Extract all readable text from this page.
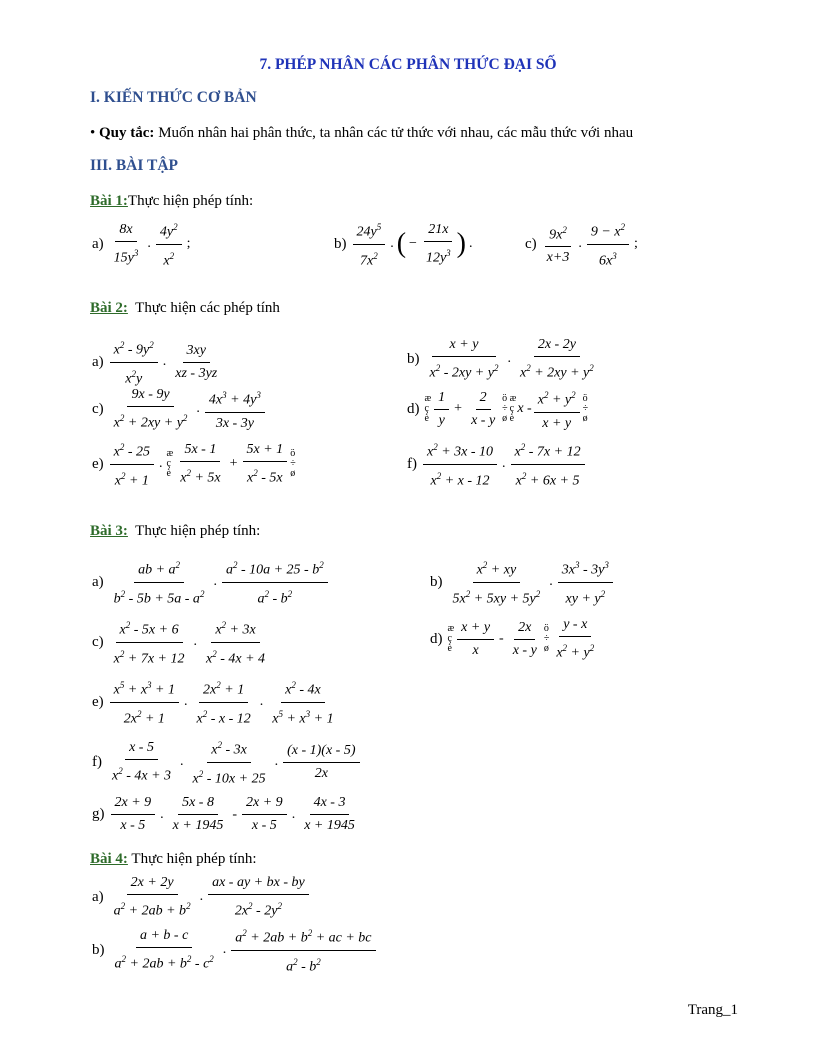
7. PHÉP NHÂN CÁC PHÂN THỨC ĐẠI SỐ
I. KIẾN THỨC CƠ BẢN
• Quy tắc: Muốn nhân hai phân thức, ta nhân các tử thức với nhau, các mẫu thức với nhau
III. BÀI TẬP
Bài 1:Thực hiện phép tính:
$a) \frac{8x}{15y^3}$ . $\frac{4y^2}{x^2}$ ;	$b) \frac{24y^5}{7x^2}$ . ( − $\frac{21x}{12y^3}$ ) .	$c) \frac{9x^2}{x+3}$ . $\frac{9 - x^2}{6x^3}$ ;
Bài 2: Thực hiện các phép tính
$a) \frac{x^2 - 9y^2}{x^2y}$ . $\frac{3xy}{xz - 3yz}$	$b) \frac{x + y}{x^2 - 2xy + y^2}$ . $\frac{2x - 2y}{x^2 + 2xy + y^2}$
$c) \frac{9x - 9y}{x^2 + 2xy + y^2}$ . $\frac{4x^3 + 4y^3}{3x - 3y}$	d)
æ
ç
è $\frac{1}{y} + \frac{2}{x - y}$ ö
÷
ø
æ
ç
è
x - $\frac{x^2 + y^2}{x + y}$ ö
÷
ø
$e) \frac{x^2 - 25}{x^2 + 1}$ .
æ
ç
è $\frac{5x - 1}{x^2 + 5x} + \frac{5x + 1}{x^2 - 5x}$ ö
÷
ø
$f) \frac{x^2 + 3x - 10}{x^2 + x - 12}$ . $\frac{x^2 - 7x + 12}{x^2 + 6x + 5}$
Bài 3: Thực hiện phép tính:
$a) \frac{ab + a^2}{b^2 - 5b + 5a - a^2}$ . $\frac{a^2 - 10a + 25 - b^2}{a^2 - b^2}$	$b) \frac{x^2 + xy}{5x^2 + 5xy + 5y^2}$ . $\frac{3x^3 - 3y^3}{xy + y^2}$
$c) \frac{x^2 - 5x + 6}{x^2 + 7x + 12}$ . $\frac{x^2 + 3x}{x^2 - 4x + 4}$	d)
æ
ç
è $\frac{x + y}{x} - \frac{2x}{x - y}$ ö
÷
ø $\frac{y - x}{x^2 + y^2}$
$e) \frac{x^5 + x^3 + 1}{2x^2 + 1}$ . $\frac{2x^2 + 1}{x^2 - x - 12}$ . $\frac{x^2 - 4x}{x^5 + x^3 + 1}$
$f) \frac{x - 5}{x^2 - 4x + 3}$ . $\frac{x^2 - 3x}{x^2 - 10x + 25}$ . $\frac{(x - 1)(x - 5)}{2x}$
$g) \frac{2x + 9}{x - 5}$ . $\frac{5x - 8}{x + 1945} - \frac{2x + 9}{x - 5}$ . $\frac{4x - 3}{x + 1945}$
Bài 4: Thực hiện phép tính:
$a) \frac{2x + 2y}{a^2 + 2ab + b^2}$ . $\frac{ax - ay + bx - by}{2x^2 - 2y^2}$
$b) \frac{a + b - c}{a^2 + 2ab + b^2 - c^2}$ . $\frac{a^2 + 2ab + b^2 + ac + bc}{a^2 - b^2}$
Trang_1
